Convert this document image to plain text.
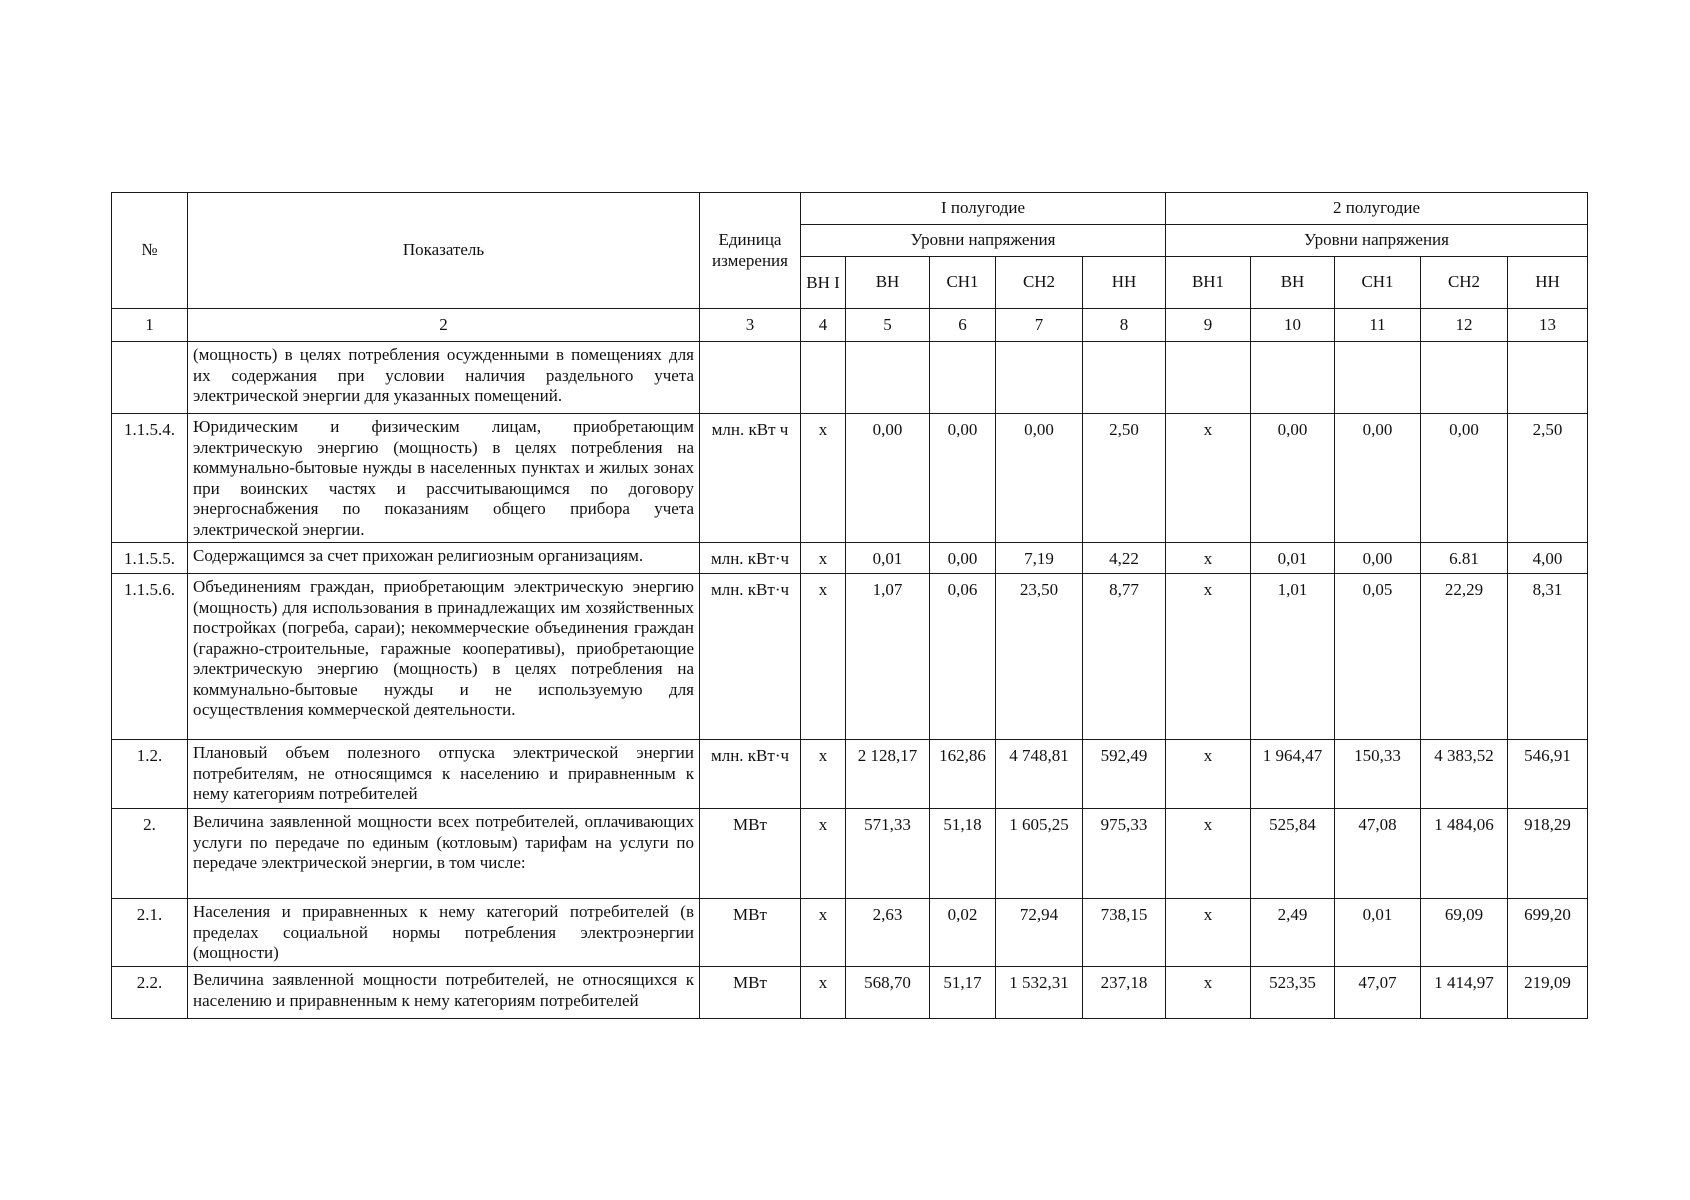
№	Показатель	Единица измерения	I полугодие					2 полугодие				
			Уровни напряжения					Уровни напряжения				
			ВН I	ВН	СН1	СН2	НН	ВН1	ВН	СН1	СН2	НН
1	2	3	4	5	6	7	8	9	10	11	12	13
	(мощность) в целях потребления осужденными в помещениях для их содержания при условии наличия раздельного учета электрической энергии для указанных помещений.											
1.1.5.4.	Юридическим и физическим лицам, приобретающим электрическую энергию (мощность) в целях потребления на коммунально-бытовые нужды в населенных пунктах и жилых зонах при воинских частях и рассчитывающимся по договору энергоснабжения по показаниям общего прибора учета электрической энергии.	млн. кВт ч	х	0,00	0,00	0,00	2,50	х	0,00	0,00	0,00	2,50
1.1.5.5.	Содержащимся за счет прихожан религиозным организациям.	млн. кВт·ч	х	0,01	0,00	7,19	4,22	х	0,01	0,00	6.81	4,00
1.1.5.6.	Объединениям граждан, приобретающим электрическую энергию (мощность) для использования в принадлежащих им хозяйственных постройках (погреба, сараи); некоммерческие объединения граждан (гаражно-строительные, гаражные кооперативы), приобретающие электрическую энергию (мощность) в целях потребления на коммунально-бытовые нужды и не используемую для осуществления коммерческой деятельности.	млн. кВт·ч	х	1,07	0,06	23,50	8,77	х	1,01	0,05	22,29	8,31
1.2.	Плановый объем полезного отпуска электрической энергии потребителям, не относящимся к населению и приравненным к нему категориям потребителей	млн. кВт·ч	х	2 128,17	162,86	4 748,81	592,49	х	1 964,47	150,33	4 383,52	546,91
2.	Величина заявленной мощности всех потребителей, оплачивающих услуги по передаче по единым (котловым) тарифам на услуги по передаче электрической энергии, в том числе:	МВт	х	571,33	51,18	1 605,25	975,33	х	525,84	47,08	1 484,06	918,29
2.1.	Населения и приравненных к нему категорий потребителей (в пределах социальной нормы потребления электроэнергии (мощности)	МВт	х	2,63	0,02	72,94	738,15	х	2,49	0,01	69,09	699,20
2.2.	Величина заявленной мощности потребителей, не относящихся к населению и приравненным к нему категориям потребителей	МВт	х	568,70	51,17	1 532,31	237,18	х	523,35	47,07	1 414,97	219,09
